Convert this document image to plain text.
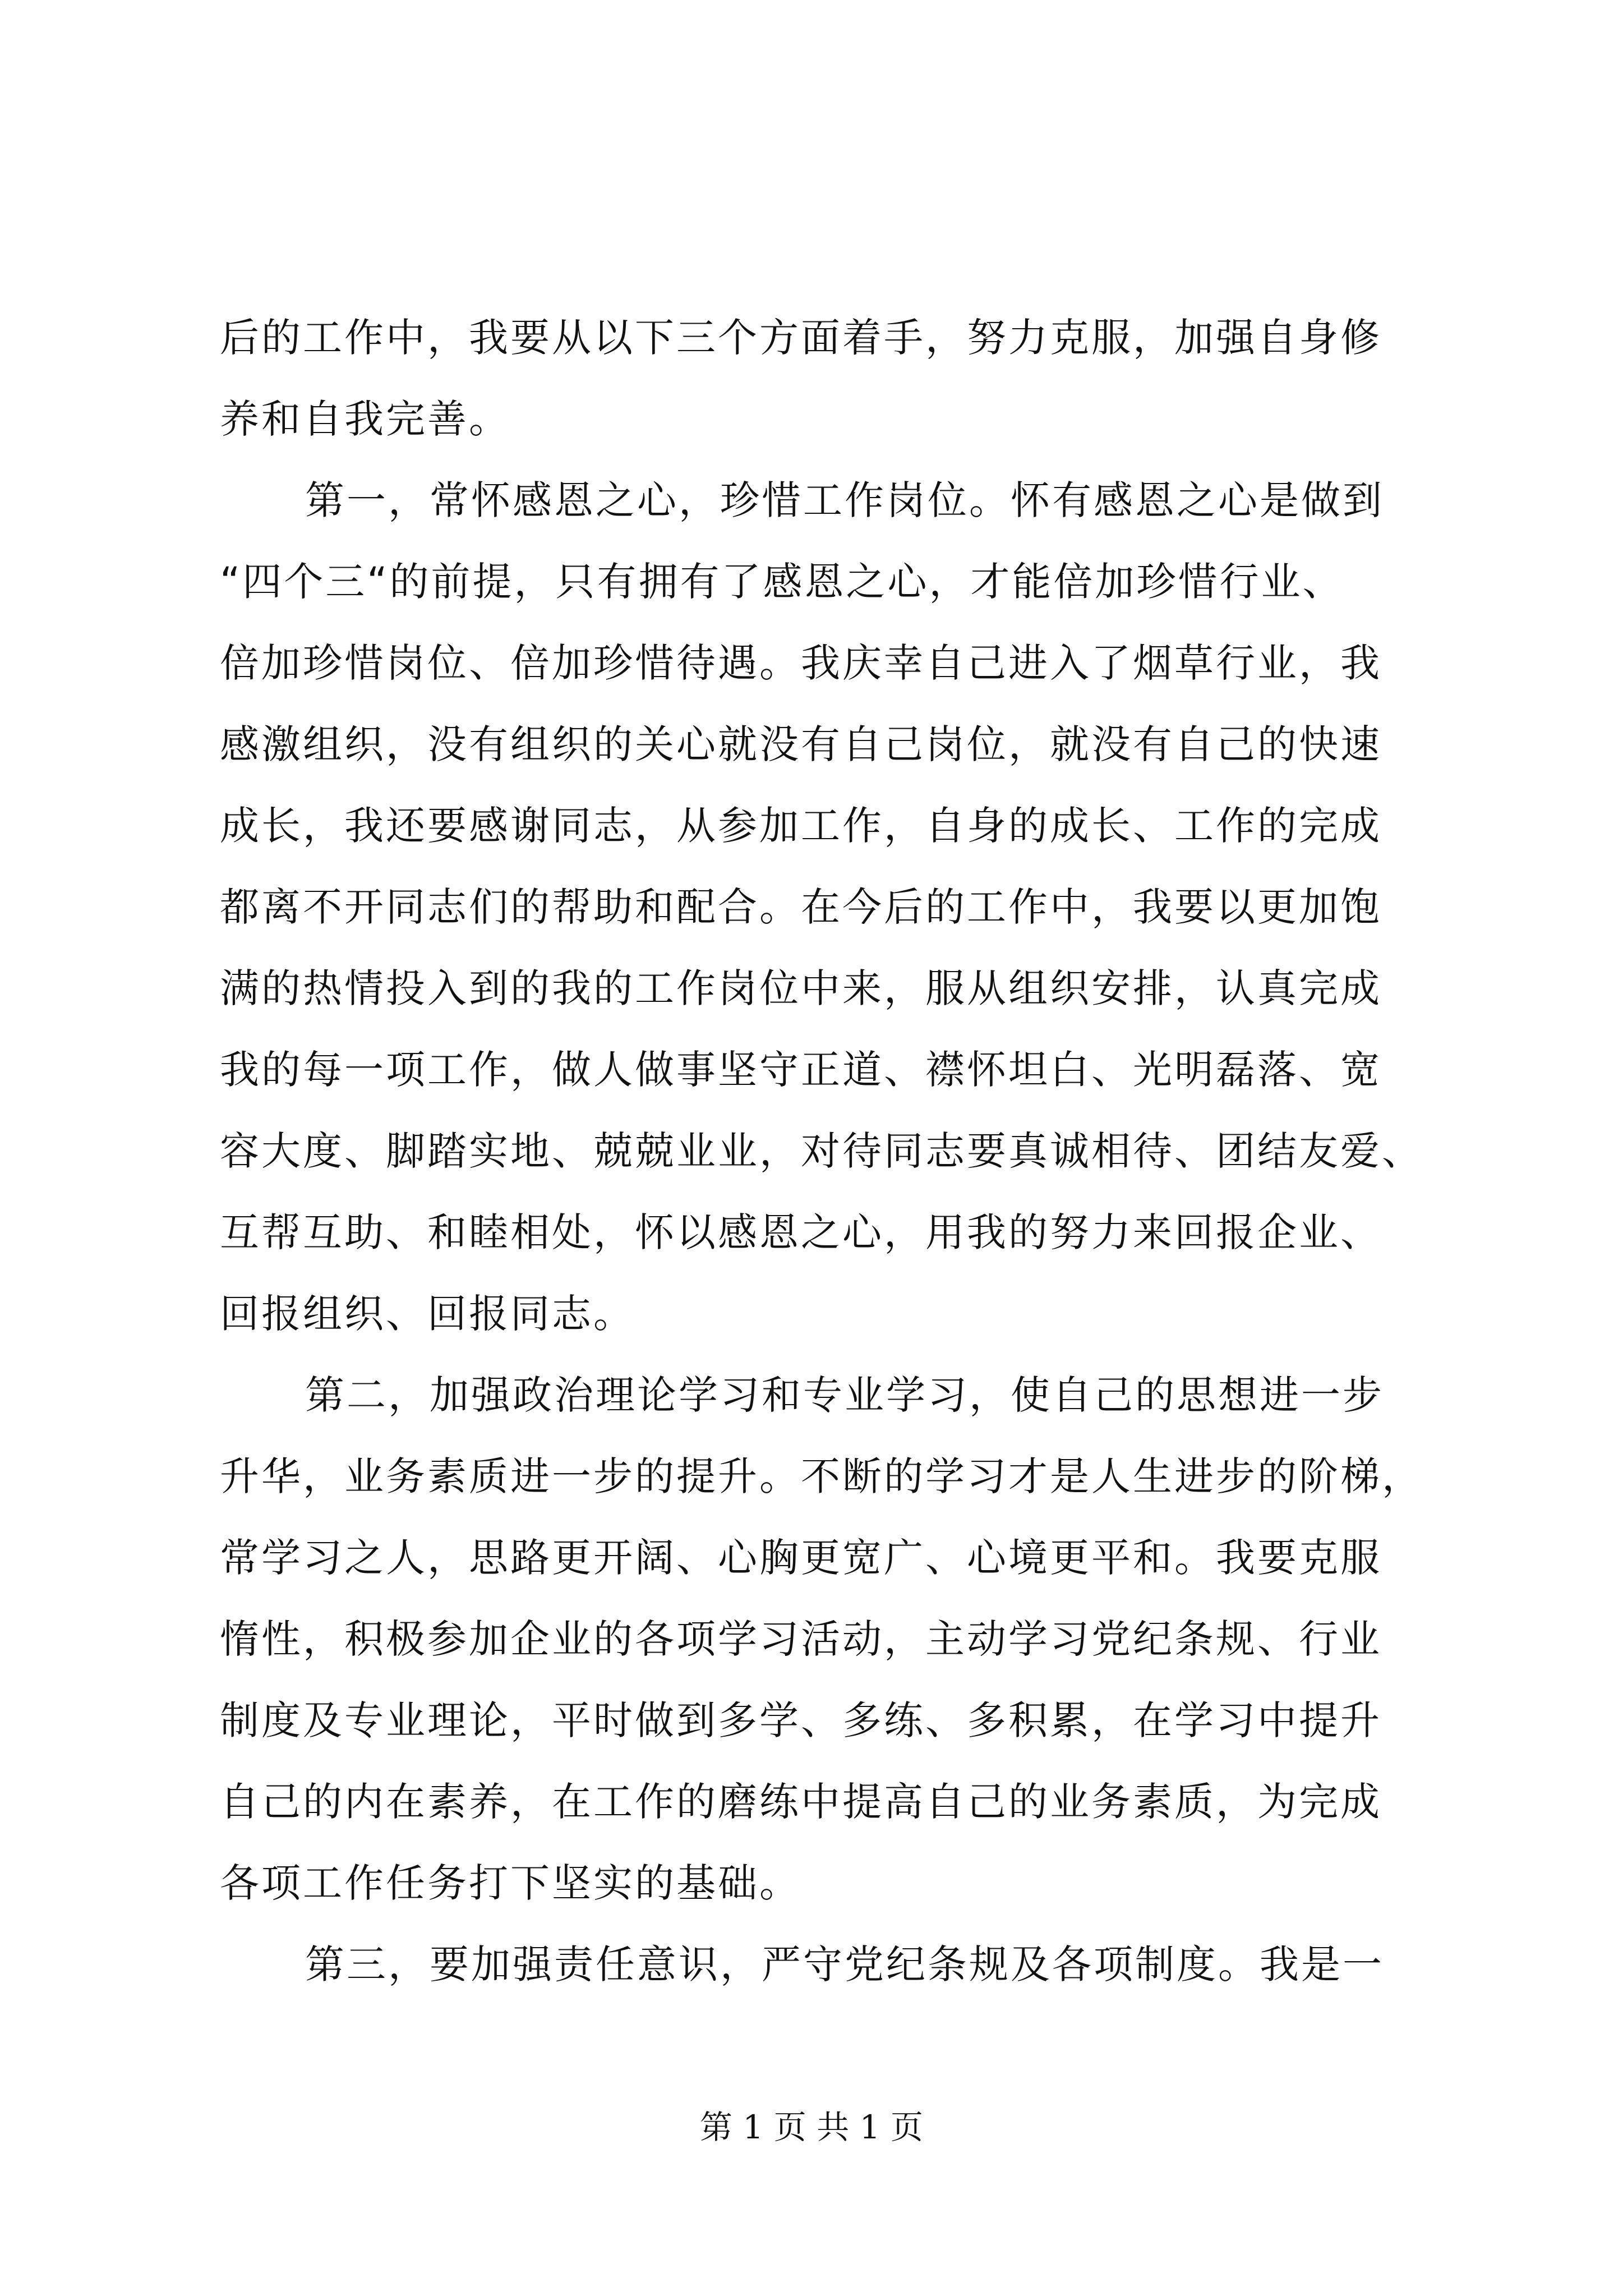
后的工作中，我要从以下三个方面着手，努力克服，加强自身修
养和自我完善。
第一，常怀感恩之心，珍惜工作岗位。怀有感恩之心是做到
“四个三“的前提，只有拥有了感恩之心，才能倍加珍惜行业、
倍加珍惜岗位、倍加珍惜待遇。我庆幸自己进入了烟草行业，我
感激组织，没有组织的关心就没有自己岗位，就没有自己的快速
成长，我还要感谢同志，从参加工作，自身的成长、工作的完成
都离不开同志们的帮助和配合。在今后的工作中，我要以更加饱
满的热情投入到的我的工作岗位中来，服从组织安排，认真完成
我的每一项工作，做人做事坚守正道、襟怀坦白、光明磊落、宽
容大度、脚踏实地、兢兢业业，对待同志要真诚相待、团结友爱、
互帮互助、和睦相处，怀以感恩之心，用我的努力来回报企业、
回报组织、回报同志。
第二，加强政治理论学习和专业学习，使自己的思想进一步
升华，业务素质进一步的提升。不断的学习才是人生进步的阶梯，
常学习之人，思路更开阔、心胸更宽广、心境更平和。我要克服
惰性，积极参加企业的各项学习活动，主动学习党纪条规、行业
制度及专业理论，平时做到多学、多练、多积累，在学习中提升
自己的内在素养，在工作的磨练中提高自己的业务素质，为完成
各项工作任务打下坚实的基础。
第三，要加强责任意识，严守党纪条规及各项制度。我是一
第 1 页 共 1 页
